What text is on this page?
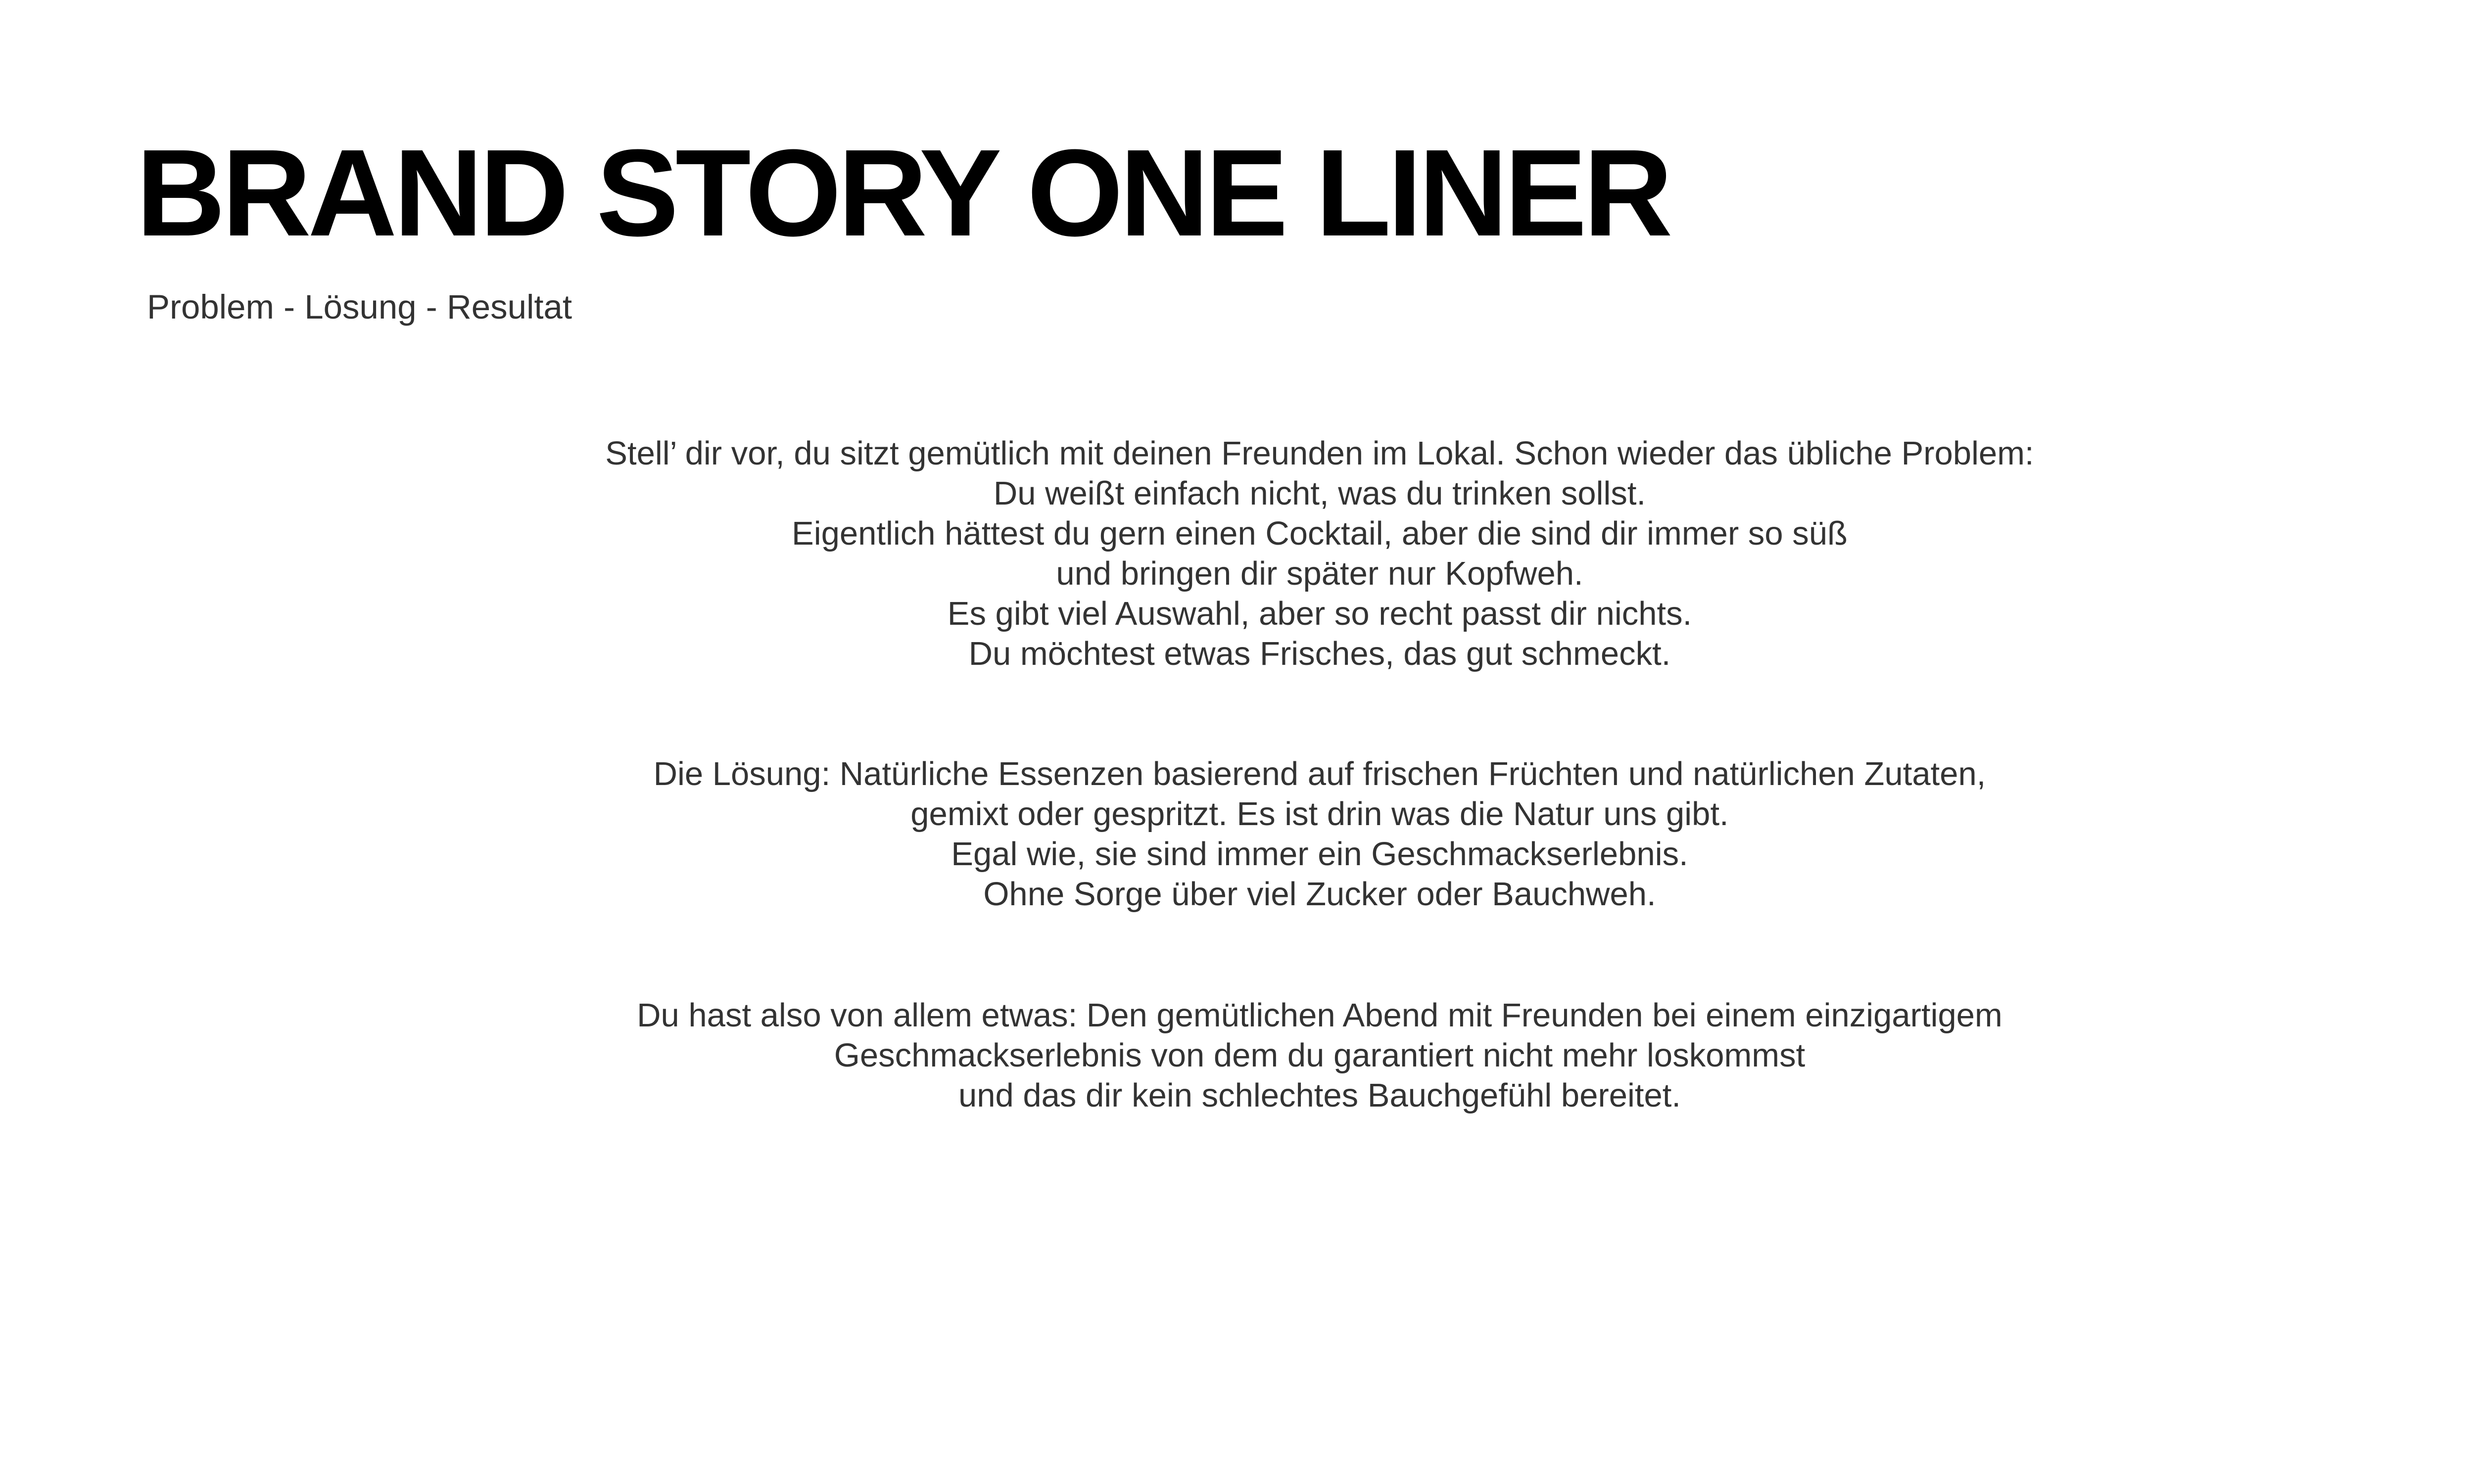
BRAND STORY ONE LINER

Problem - Lösung - Resultat

Stell’ dir vor, du sitzt gemütlich mit deinen Freunden im Lokal. Schon wieder das übliche Problem:
Du weißt einfach nicht, was du trinken sollst.
Eigentlich hättest du gern einen Cocktail, aber die sind dir immer so süß
und bringen dir später nur Kopfweh.
Es gibt viel Auswahl, aber so recht passt dir nichts.
Du möchtest etwas Frisches, das gut schmeckt.
Die Lösung: Natürliche Essenzen basierend auf frischen Früchten und natürlichen Zutaten,
gemixt oder gespritzt. Es ist drin was die Natur uns gibt.
Egal wie, sie sind immer ein Geschmackserlebnis.
Ohne Sorge über viel Zucker oder Bauchweh.
Du hast also von allem etwas: Den gemütlichen Abend mit Freunden bei einem einzigartigem
Geschmackserlebnis von dem du garantiert nicht mehr loskommst
und das dir kein schlechtes Bauchgefühl bereitet.
